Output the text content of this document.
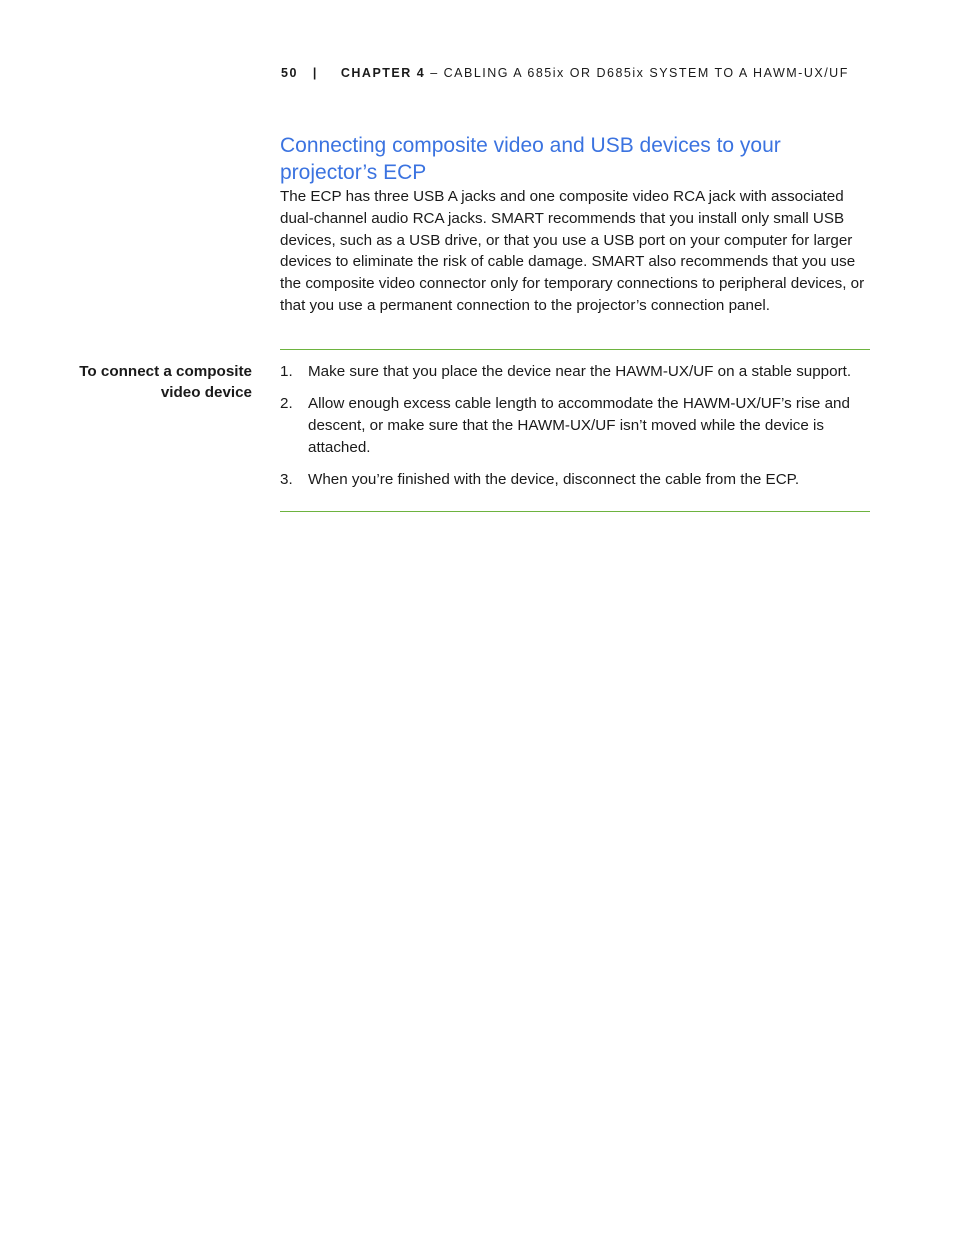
50 | CHAPTER 4 – CABLING A 685ix OR D685ix SYSTEM TO A HAWM-UX/UF
Connecting composite video and USB devices to your projector’s ECP

The ECP has three USB A jacks and one composite video RCA jack with associated dual-channel audio RCA jacks. SMART recommends that you install only small USB devices, such as a USB drive, or that you use a USB port on your computer for larger devices to eliminate the risk of cable damage. SMART also recommends that you use the composite video connector only for temporary connections to peripheral devices, or that you use a permanent connection to the projector’s connection panel.

To connect a composite
video device
1. Make sure that you place the device near the HAWM-UX/UF on a stable support.
2. Allow enough excess cable length to accommodate the HAWM-UX/UF’s rise and descent, or make sure that the HAWM-UX/UF isn’t moved while the device is attached.
3. When you’re finished with the device, disconnect the cable from the ECP.
